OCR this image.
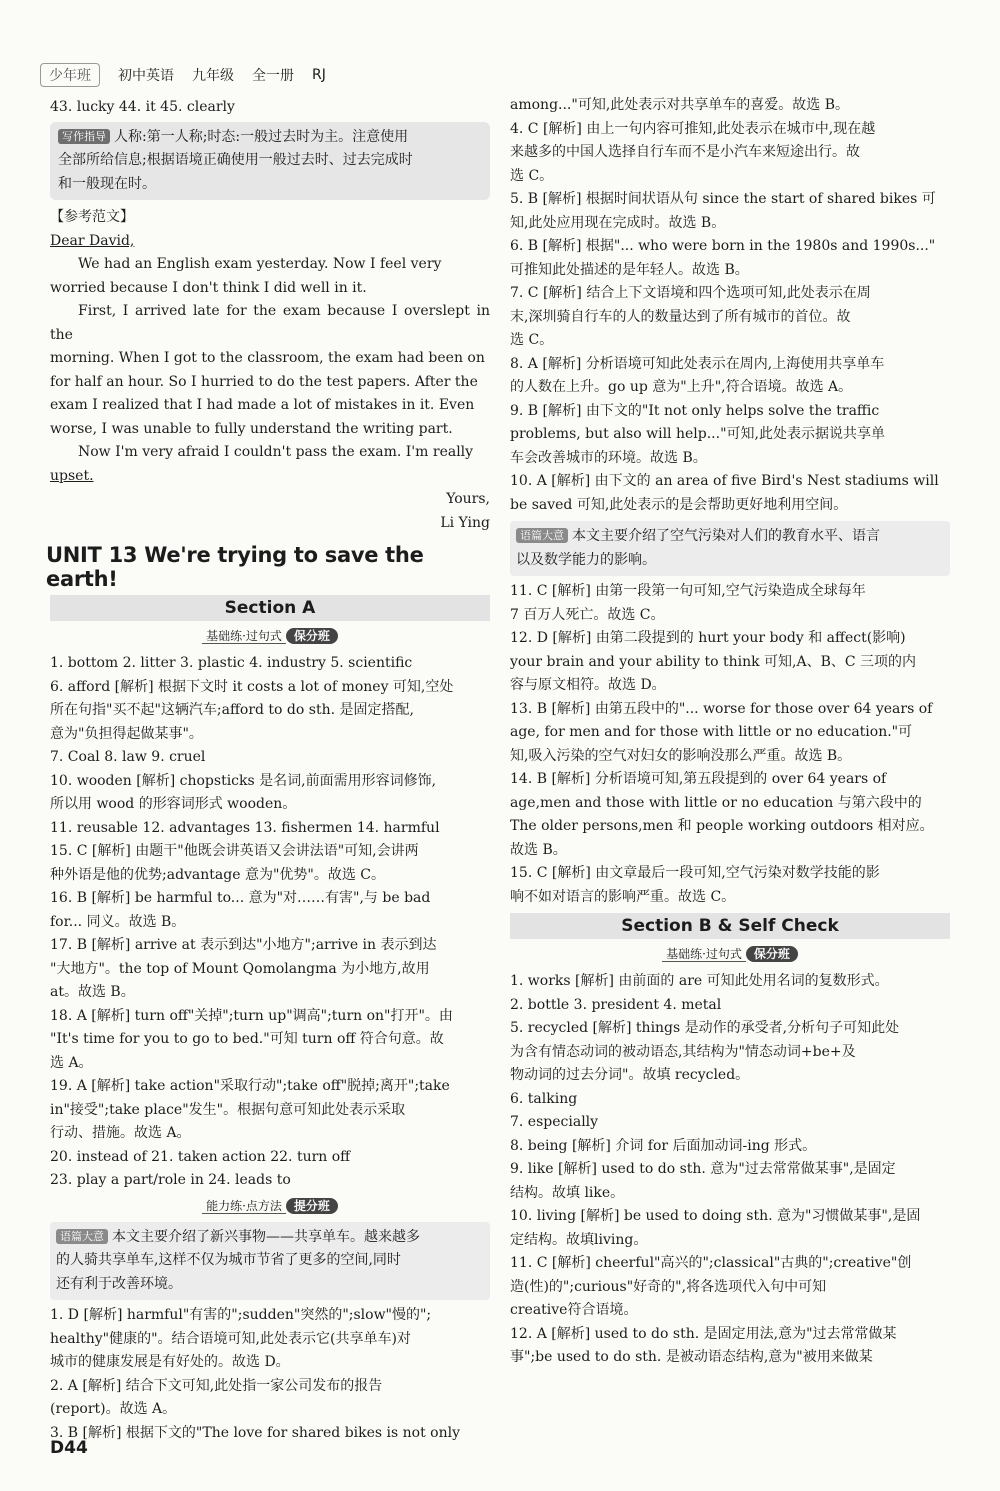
少年班	初中英语 九年级 全一册 RJ

43. lucky 44. it 45. clearly

写作指导 人称:第一人称;时态:一般过去时为主。注意使用

全部所给信息;根据语境正确使用一般过去时、过去完成时

和一般现在时。

【参考范文】

Dear David,

We had an English exam yesterday. Now I feel very

worried because I don't think I did well in it.

First, I arrived late for the exam because I overslept in the

morning. When I got to the classroom, the exam had been on

for half an hour. So I hurried to do the test papers. After the

exam I realized that I had made a lot of mistakes in it. Even

worse, I was unable to fully understand the writing part.

Now I'm very afraid I couldn't pass the exam. I'm really

upset.

Yours,

Li Ying

UNIT 13 We're trying to save the earth!
Section A
基础练·过句式 保分班

1. bottom 2. litter 3. plastic 4. industry 5. scientific

6. afford [解析] 根据下文时 it costs a lot of money 可知,空处

所在句指"买不起"这辆汽车;afford to do sth. 是固定搭配,

意为"负担得起做某事"。

7. Coal 8. law 9. cruel

10. wooden [解析] chopsticks 是名词,前面需用形容词修饰,

所以用 wood 的形容词形式 wooden。

11. reusable 12. advantages 13. fishermen 14. harmful

15. C [解析] 由题干"他既会讲英语又会讲法语"可知,会讲两

种外语是他的优势;advantage 意为"优势"。故选 C。

16. B [解析] be harmful to... 意为"对……有害",与 be bad

for... 同义。故选 B。

17. B [解析] arrive at 表示到达"小地方";arrive in 表示到达

"大地方"。the top of Mount Qomolangma 为小地方,故用

at。故选 B。

18. A [解析] turn off"关掉";turn up"调高";turn on"打开"。由

"It's time for you to go to bed."可知 turn off 符合句意。故

选 A。

19. A [解析] take action"采取行动";take off"脱掉;离开";take

in"接受";take place"发生"。根据句意可知此处表示采取

行动、措施。故选 A。

20. instead of 21. taken action 22. turn off

23. play a part/role in 24. leads to

能力练·点方法 提分班

语篇大意 本文主要介绍了新兴事物——共享单车。越来越多

的人骑共享单车,这样不仅为城市节省了更多的空间,同时

还有利于改善环境。

1. D [解析] harmful"有害的";sudden"突然的";slow"慢的";

healthy"健康的"。结合语境可知,此处表示它(共享单车)对

城市的健康发展是有好处的。故选 D。

2. A [解析] 结合下文可知,此处指一家公司发布的报告

(report)。故选 A。

3. B [解析] 根据下文的"The love for shared bikes is not only

among..."可知,此处表示对共享单车的喜爱。故选 B。

4. C [解析] 由上一句内容可推知,此处表示在城市中,现在越

来越多的中国人选择自行车而不是小汽车来短途出行。故

选 C。

5. B [解析] 根据时间状语从句 since the start of shared bikes 可

知,此处应用现在完成时。故选 B。

6. B [解析] 根据"... who were born in the 1980s and 1990s..."

可推知此处描述的是年轻人。故选 B。

7. C [解析] 结合上下文语境和四个选项可知,此处表示在周

末,深圳骑自行车的人的数量达到了所有城市的首位。故

选 C。

8. A [解析] 分析语境可知此处表示在周内,上海使用共享单车

的人数在上升。go up 意为"上升",符合语境。故选 A。

9. B [解析] 由下文的"It not only helps solve the traffic

problems, but also will help..."可知,此处表示据说共享单

车会改善城市的环境。故选 B。

10. A [解析] 由下文的 an area of five Bird's Nest stadiums will

be saved 可知,此处表示的是会帮助更好地利用空间。

语篇大意 本文主要介绍了空气污染对人们的教育水平、语言

以及数学能力的影响。

11. C [解析] 由第一段第一句可知,空气污染造成全球每年

7 百万人死亡。故选 C。

12. D [解析] 由第二段提到的 hurt your body 和 affect(影响)

your brain and your ability to think 可知,A、B、C 三项的内

容与原文相符。故选 D。

13. B [解析] 由第五段中的"... worse for those over 64 years of

age, for men and for those with little or no education."可

知,吸入污染的空气对妇女的影响没那么严重。故选 B。

14. B [解析] 分析语境可知,第五段提到的 over 64 years of

age,men and those with little or no education 与第六段中的

The older persons,men 和 people working outdoors 相对应。

故选 B。

15. C [解析] 由文章最后一段可知,空气污染对数学技能的影

响不如对语言的影响严重。故选 C。

Section B & Self Check
基础练·过句式 保分班

1. works [解析] 由前面的 are 可知此处用名词的复数形式。

2. bottle 3. president 4. metal

5. recycled [解析] things 是动作的承受者,分析句子可知此处

为含有情态动词的被动语态,其结构为"情态动词+be+及

物动词的过去分词"。故填 recycled。

6. talking

7. especially

8. being [解析] 介词 for 后面加动词-ing 形式。

9. like [解析] used to do sth. 意为"过去常常做某事",是固定

结构。故填 like。

10. living [解析] be used to doing sth. 意为"习惯做某事",是固

定结构。故填living。

11. C [解析] cheerful"高兴的";classical"古典的";creative"创

造(性)的";curious"好奇的",将各选项代入句中可知

creative符合语境。

12. A [解析] used to do sth. 是固定用法,意为"过去常常做某

事";be used to do sth. 是被动语态结构,意为"被用来做某

D44
